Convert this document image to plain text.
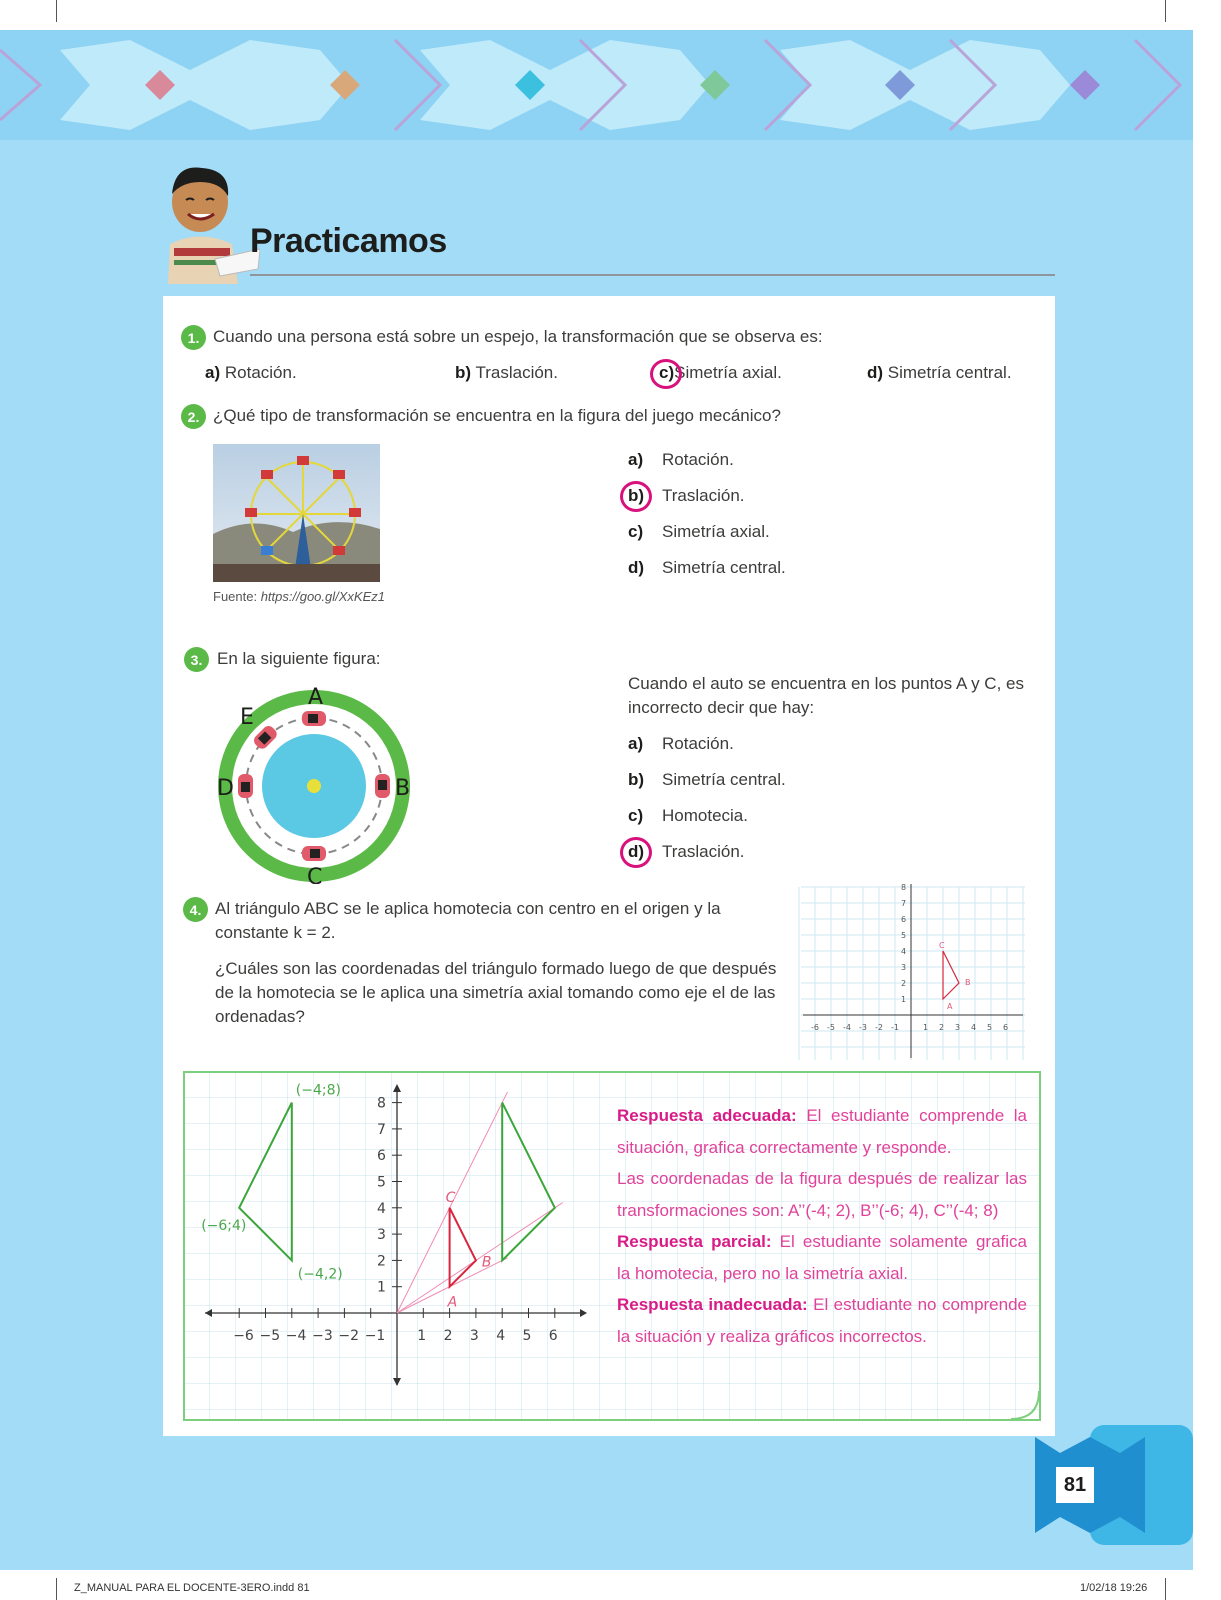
Practicamos
1. Cuando una persona está sobre un espejo, la transformación que se observa es:
a) Rotación.	b) Traslación.	c)Simetría axial.	d) Simetría central.
2. ¿Qué tipo de transformación se encuentra en la figura del juego mecánico?
Fuente: https://goo.gl/XxKEz1
a) Rotación.
b) Traslación.
c) Simetría axial.
d) Simetría central.
3. En la siguiente figura:
A
B
C
D
E
Cuando el auto se encuentra en los puntos A y C, es
incorrecto decir que hay:
a) Rotación.
b) Simetría central.
c) Homotecia.
d) Traslación.
4. Al triángulo ABC se le aplica homotecia con centro en el origen y la
constante k = 2.
¿Cuáles son las coordenadas del triángulo formado luego de que después
de la homotecia se le aplica una simetría axial tomando como eje el de las
ordenadas?
-6 -5 -4 -3 -2 -1	1 2 3 4 5 6
1
2
3
4
5
6
7
8
A
B
C
−6 −5 −4 −3 −2 −1 1 2 3 4 5 6
1
2
3
4
5
6
7
8
A
B
C
(−4;8)
(−6;4)
(−4,2)
Respuesta adecuada: El estudiante comprende la situación, grafica correctamente y responde.
Las coordenadas de la figura después de realizar las transformaciones son: A’’(-4; 2), B’’(-6; 4), C’’(-4; 8)
Respuesta parcial: El estudiante solamente grafica la homotecia, pero no la simetría axial.
Respuesta inadecuada: El estudiante no comprende la situación y realiza gráficos incorrectos.
81
Z_MANUAL PARA EL DOCENTE-3ERO.indd 81	1/02/18 19:26
